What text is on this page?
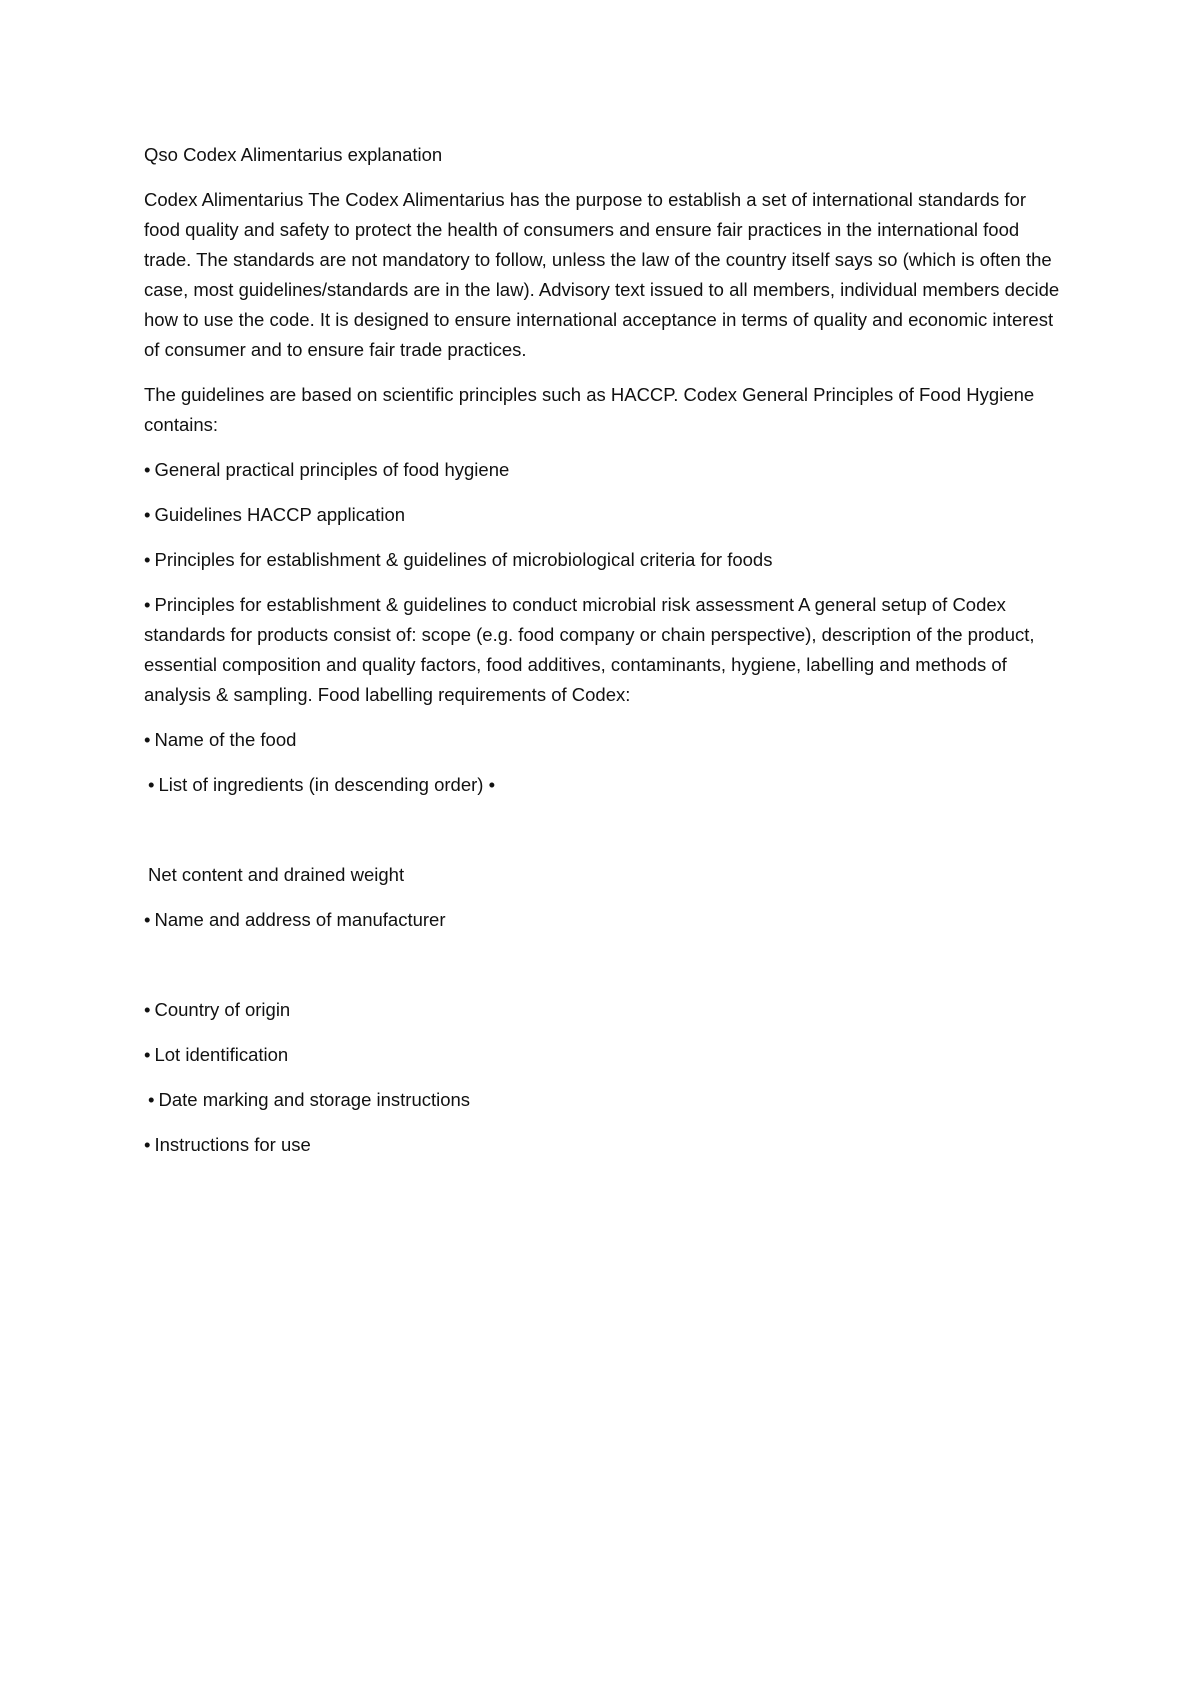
Qso Codex Alimentarius explanation

Codex Alimentarius The Codex Alimentarius has the purpose to establish a set of international standards for food quality and safety to protect the health of consumers and ensure fair practices in the international food trade. The standards are not mandatory to follow, unless the law of the country itself says so (which is often the case, most guidelines/standards are in the law). Advisory text issued to all members, individual members decide how to use the code. It is designed to ensure international acceptance in terms of quality and economic interest of consumer and to ensure fair trade practices.

The guidelines are based on scientific principles such as HACCP. Codex General Principles of Food Hygiene contains:

• General practical principles of food hygiene

• Guidelines HACCP application

• Principles for establishment & guidelines of microbiological criteria for foods

• Principles for establishment & guidelines to conduct microbial risk assessment A general setup of Codex standards for products consist of: scope (e.g. food company or chain perspective), description of the product, essential composition and quality factors, food additives, contaminants, hygiene, labelling and methods of analysis & sampling. Food labelling requirements of Codex:

• Name of the food

• List of ingredients (in descending order) •

Net content and drained weight

• Name and address of manufacturer

• Country of origin

• Lot identification

• Date marking and storage instructions

• Instructions for use
